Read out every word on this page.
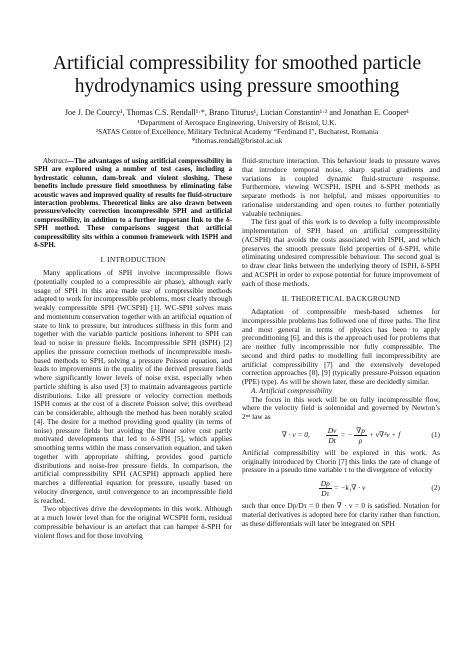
Artificial compressibility for smoothed particle
hydrodynamics using pressure smoothing
Joe J. De Courcy¹, Thomas C.S. Rendall¹·*, Brano Titurus¹, Lucian Constantin¹·² and Jonathan E. Cooper¹
¹Department of Aerospace Engineering, University of Bristol, U.K.
²SATAS Centre of Excellence, Military Technical Academy “Ferdinand I”, Bucharest, Romania
*thomas.rendall@bristol.ac.uk

Abstract—The advantages of using artificial compressibility in SPH are explored using a number of test cases, including a hydrostatic column, dam-break and violent sloshing. These benefits include pressure field smoothness by eliminating false acoustic waves and improved quality of results for fluid-structure interaction problems. Theoretical links are also drawn between pressure/velocity correction incompressible SPH and artificial compressibility, in addition to a further important link to the δ-SPH method. These comparisons suggest that artificial compressibility sits within a common framework with ISPH and δ-SPH.

I. INTRODUCTION

Many applications of SPH involve incompressible flows (potentially coupled to a compressible air phase), although early usage of SPH in this area made use of compressible methods adapted to work for incompressible problems, most clearly through weakly compressible SPH (WCSPH) [1]. WC-SPH solves mass and momentum conservation together with an artificial equation of state to link to pressure, but introduces stiffness in this form and together with the variable particle positions inherent to SPH can lead to noise in pressure fields. Incompressible SPH (ISPH) [2] applies the pressure correction methods of incompressible mesh-based methods to SPH, solving a pressure Poisson equation, and leads to improvements in the quality of the derived pressure fields where significantly lower levels of noise exist, especially when particle shifting is also used [3] to maintain advantageous particle distributions. Like all pressure or velocity correction methods ISPH comes at the cost of a discrete Poisson solve; this overhead can be considerable, although the method has been notably scaled [4]. The desire for a method providing good quality (in terms of noise) pressure fields but avoiding the linear solve cost partly motivated developments that led to δ-SPH [5], which applies smoothing terms within the mass conservation equation, and taken together with appropriate shifting, provides good particle distributions and noise-free pressure fields. In comparison, the artificial compressibility SPH (ACSPH) approach applied here marches a differential equation for pressure, usually based on velocity divergence, until convergence to an incompressible field is reached.

Two objectives drive the developments in this work. Although at a much lower level than for the original WCSPH form, residual compressible behaviour is an artefact that can hamper δ-SPH for violent flows and for those involving

fluid-structure interaction. This behaviour leads to pressure waves that introduce temporal noise, sharp spatial gradients and variations in coupled dynamic fluid-structure response. Furthermore, viewing WCSPH, ISPH and δ-SPH methods as separate methods is not helpful, and misses opportunities to rationalise understanding and open routes to further potentially valuable techniques.

The first goal of this work is to develop a fully incompressible implementation of SPH based on artificial compressibility (ACSPH) that avoids the costs associated with ISPH, and which preserves the smooth pressure field properties of δ-SPH, while eliminating undesired compressible behaviour. The second goal is to draw clear links between the underlying theory of ISPH, δ-SPH and ACSPH in order to expose potential for future improvement of each of those methods.

II. THEORETICAL BACKGROUND

Adaptation of compressible mesh-based schemes for incompressible problems has followed one of three paths. The first and most general in terms of physics has been to apply preconditioning [6], and this is the approach used for problems that are neither fully incompressible nor fully compressible. The second and third paths to modelling full incompressibility are artificial compressibility [7] and the extensively developed correction approaches [8], [9] (typically pressure-Poisson equation (PPE) type). As will be shown later, these are decidedly similar.

A. Artificial compressibility

The focus in this work will be on fully incompressible flow, where the velocity field is solenoidal and governed by Newton’s 2ⁿᵈ law as

∇ · v = 0, $\frac{Dv}{Dt}$ = − $\frac{\nabla p}{\rho} + \nu\nabla^2v + f$	(1)

Artificial compressibility will be explored in this work. As originally introduced by Chorin [7] this links the rate of change of pressure in a pseudo time variable τ to the divergence of velocity

$\frac{Dp}{D\tau} = -k_1\nabla \cdot v$	(2)

such that once Dp/Dτ = 0 then ∇ · v = 0 is satisfied. Notation for material derivatives is adopted here for clarity rather than function, as these differentials will later be integrated on SPH
